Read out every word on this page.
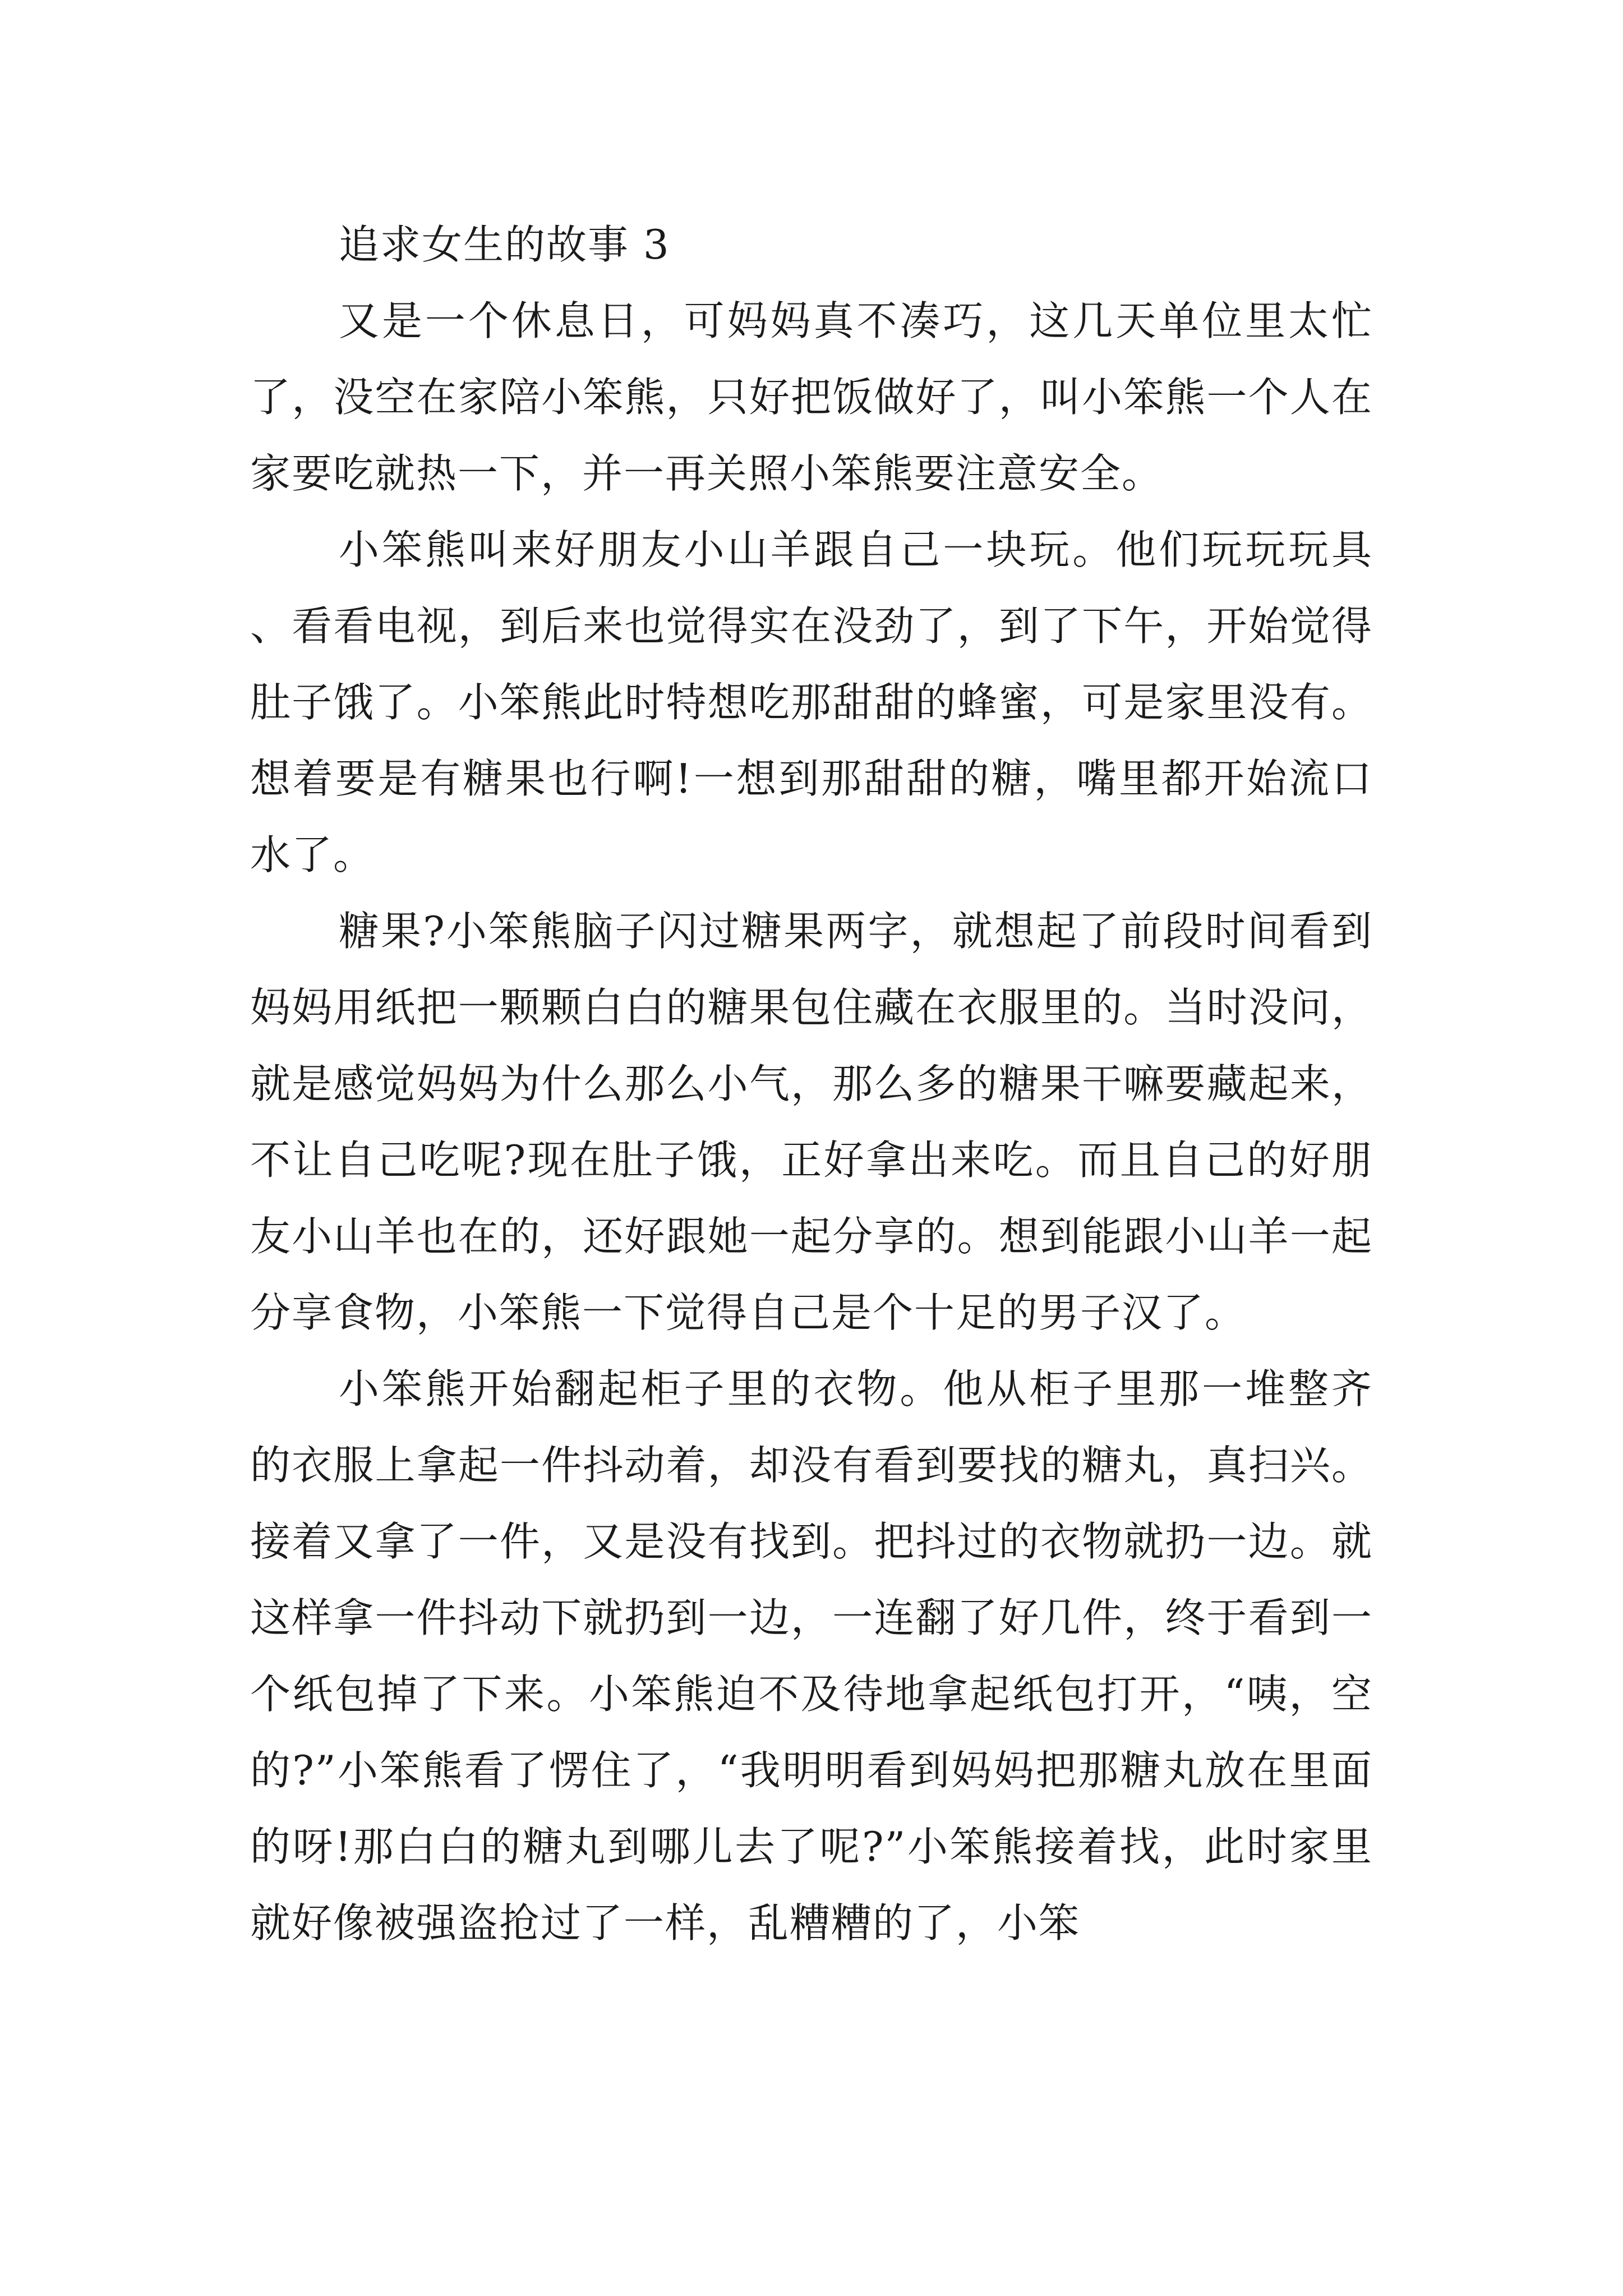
追求女生的故事 3

又是一个休息日，可妈妈真不凑巧，这几天单位里太忙了，没空在家陪小笨熊，只好把饭做好了，叫小笨熊一个人在家要吃就热一下，并一再关照小笨熊要注意安全。

小笨熊叫来好朋友小山羊跟自己一块玩。他们玩玩玩具、看看电视，到后来也觉得实在没劲了，到了下午，开始觉得肚子饿了。小笨熊此时特想吃那甜甜的蜂蜜，可是家里没有。想着要是有糖果也行啊!一想到那甜甜的糖，嘴里都开始流口水了。

糖果?小笨熊脑子闪过糖果两字，就想起了前段时间看到妈妈用纸把一颗颗白白的糖果包住藏在衣服里的。当时没问，就是感觉妈妈为什么那么小气，那么多的糖果干嘛要藏起来，不让自己吃呢?现在肚子饿，正好拿出来吃。而且自己的好朋友小山羊也在的，还好跟她一起分享的。想到能跟小山羊一起分享食物，小笨熊一下觉得自己是个十足的男子汉了。

小笨熊开始翻起柜子里的衣物。他从柜子里那一堆整齐的衣服上拿起一件抖动着，却没有看到要找的糖丸，真扫兴。接着又拿了一件，又是没有找到。把抖过的衣物就扔一边。就这样拿一件抖动下就扔到一边，一连翻了好几件，终于看到一个纸包掉了下来。小笨熊迫不及待地拿起纸包打开，“咦，空的?”小笨熊看了愣住了，“我明明看到妈妈把那糖丸放在里面的呀!那白白的糖丸到哪儿去了呢?”小笨熊接着找，此时家里就好像被强盗抢过了一样，乱糟糟的了，小笨
